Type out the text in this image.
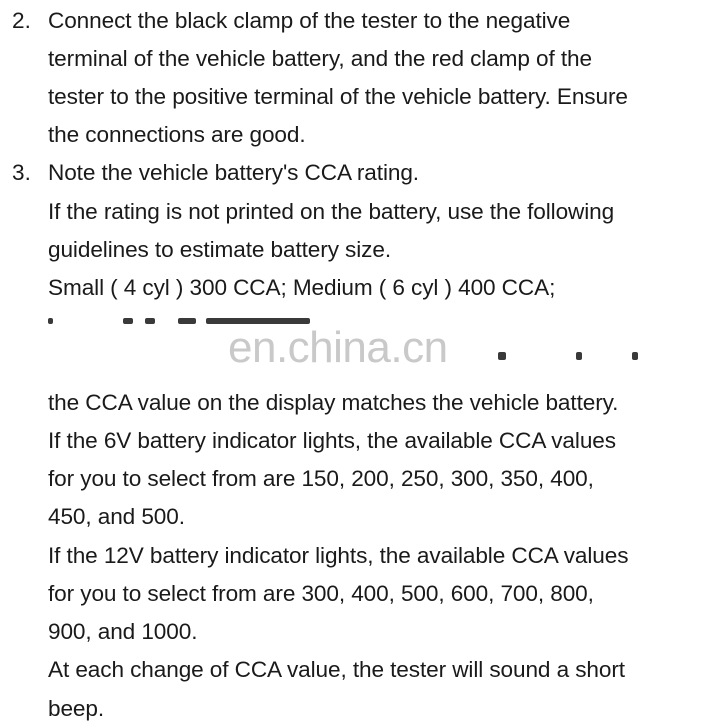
2. Connect the black clamp of the tester to the negative
terminal of the vehicle battery, and the red clamp of the
tester to the positive terminal of the vehicle battery. Ensure
the connections are good.
3. Note the vehicle battery's CCA rating.
If the rating is not printed on the battery, use the following
guidelines to estimate battery size.
Small ( 4 cyl ) 300 CCA; Medium ( 6 cyl ) 400 CCA;
en.china.cn
the CCA value on the display matches the vehicle battery.
If the 6V battery indicator lights, the available CCA values
for you to select from are 150, 200, 250, 300, 350, 400,
450, and 500.
If the 12V battery indicator lights, the available CCA values
for you to select from are 300, 400, 500, 600, 700, 800,
900, and 1000.
At each change of CCA value, the tester will sound a short
beep.
